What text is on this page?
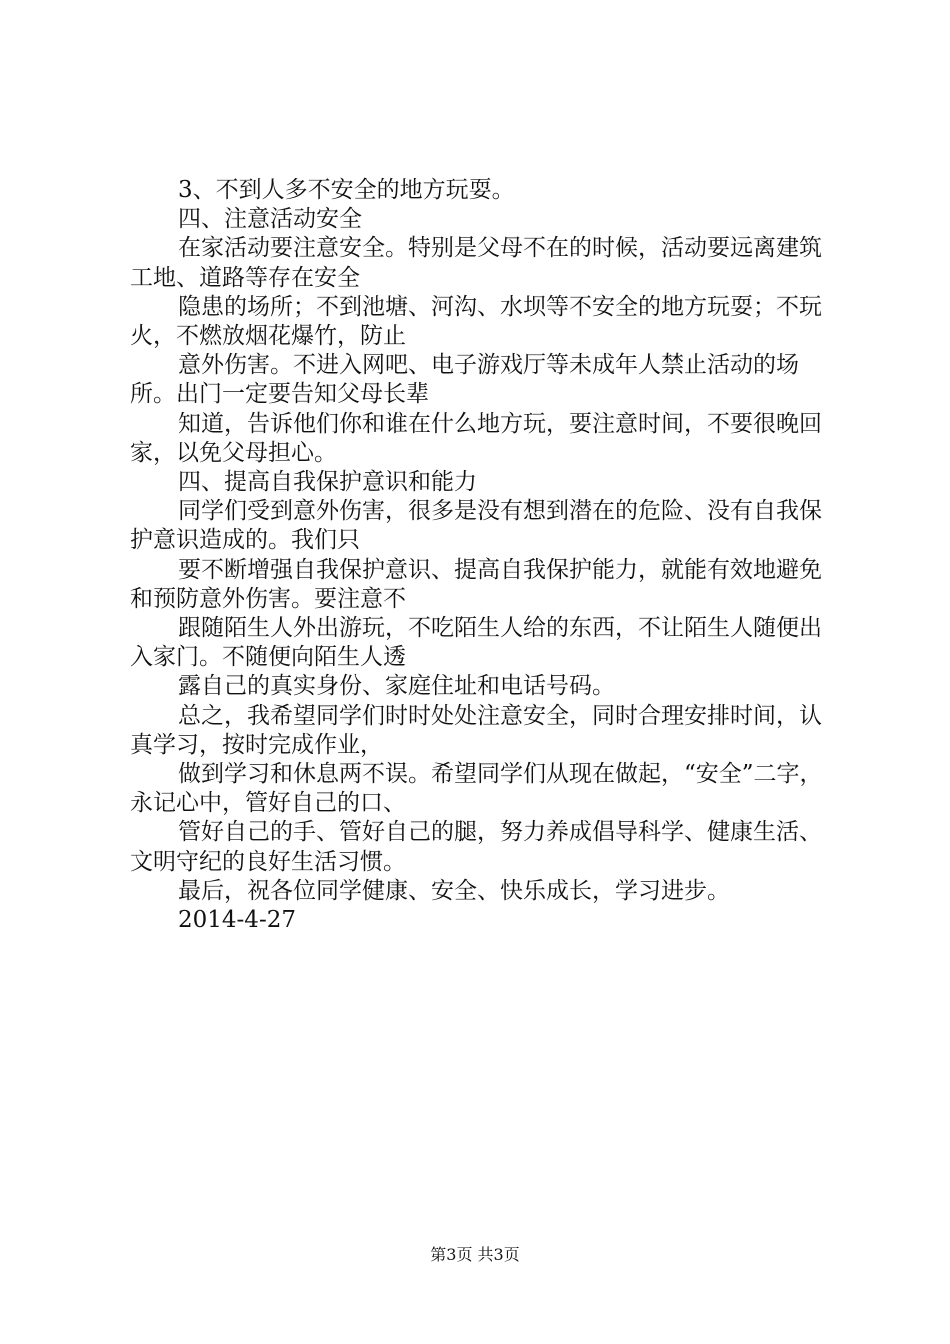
3、不到人多不安全的地方玩耍。

四、注意活动安全

在家活动要注意安全。特别是父母不在的时候，活动要远离建筑工地、道路等存在安全

隐患的场所；不到池塘、河沟、水坝等不安全的地方玩耍；不玩火，不燃放烟花爆竹，防止

意外伤害。不进入网吧、电子游戏厅等未成年人禁止活动的场所。出门一定要告知父母长辈

知道，告诉他们你和谁在什么地方玩，要注意时间，不要很晚回家，以免父母担心。

四、提高自我保护意识和能力

同学们受到意外伤害，很多是没有想到潜在的危险、没有自我保护意识造成的。我们只

要不断增强自我保护意识、提高自我保护能力，就能有效地避免和预防意外伤害。要注意不

跟随陌生人外出游玩，不吃陌生人给的东西，不让陌生人随便出入家门。不随便向陌生人透

露自己的真实身份、家庭住址和电话号码。

总之，我希望同学们时时处处注意安全，同时合理安排时间，认真学习，按时完成作业，

做到学习和休息两不误。希望同学们从现在做起，“安全”二字，永记心中，管好自己的口、

管好自己的手、管好自己的腿，努力养成倡导科学、健康生活、文明守纪的良好生活习惯。

最后，祝各位同学健康、安全、快乐成长，学习进步。

2014-4-27

第3页 共3页
